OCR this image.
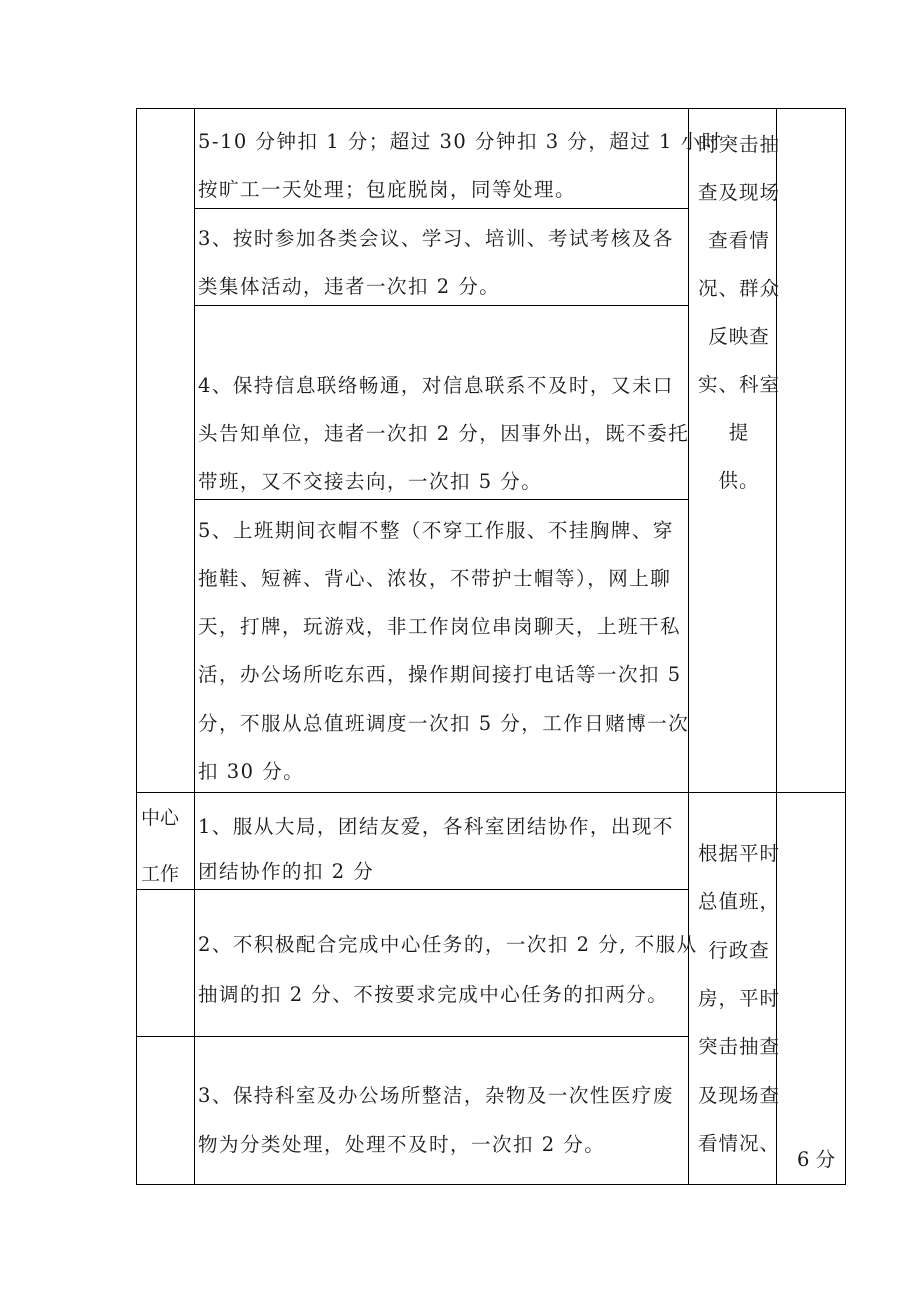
5-10 分钟扣 1 分；超过 30 分钟扣 3 分，超过 1 小时
按旷工一天处理；包庇脱岗，同等处理。
3、按时参加各类会议、学习、培训、考试考核及各
类集体活动，违者一次扣 2 分。
4、保持信息联络畅通，对信息联系不及时，又未口
头告知单位，违者一次扣 2 分，因事外出，既不委托
带班，又不交接去向，一次扣 5 分。
5、上班期间衣帽不整（不穿工作服、不挂胸牌、穿
拖鞋、短裤、背心、浓妆，不带护士帽等），网上聊
天，打牌，玩游戏，非工作岗位串岗聊天，上班干私
活，办公场所吃东西，操作期间接打电话等一次扣 5
分，不服从总值班调度一次扣 5 分，工作日赌博一次
扣 30 分。
时突击抽
查及现场
查看情
况、群众
反映查
实、科室
提
供。
中心
工作
1、服从大局，团结友爱，各科室团结协作，出现不
团结协作的扣 2 分
2、不积极配合完成中心任务的，一次扣 2 分, 不服从
抽调的扣 2 分、不按要求完成中心任务的扣两分。
3、保持科室及办公场所整洁，杂物及一次性医疗废
物为分类处理，处理不及时，一次扣 2 分。
根据平时
总值班，
行政查
房，平时
突击抽查
及现场查
看情况、
6 分
